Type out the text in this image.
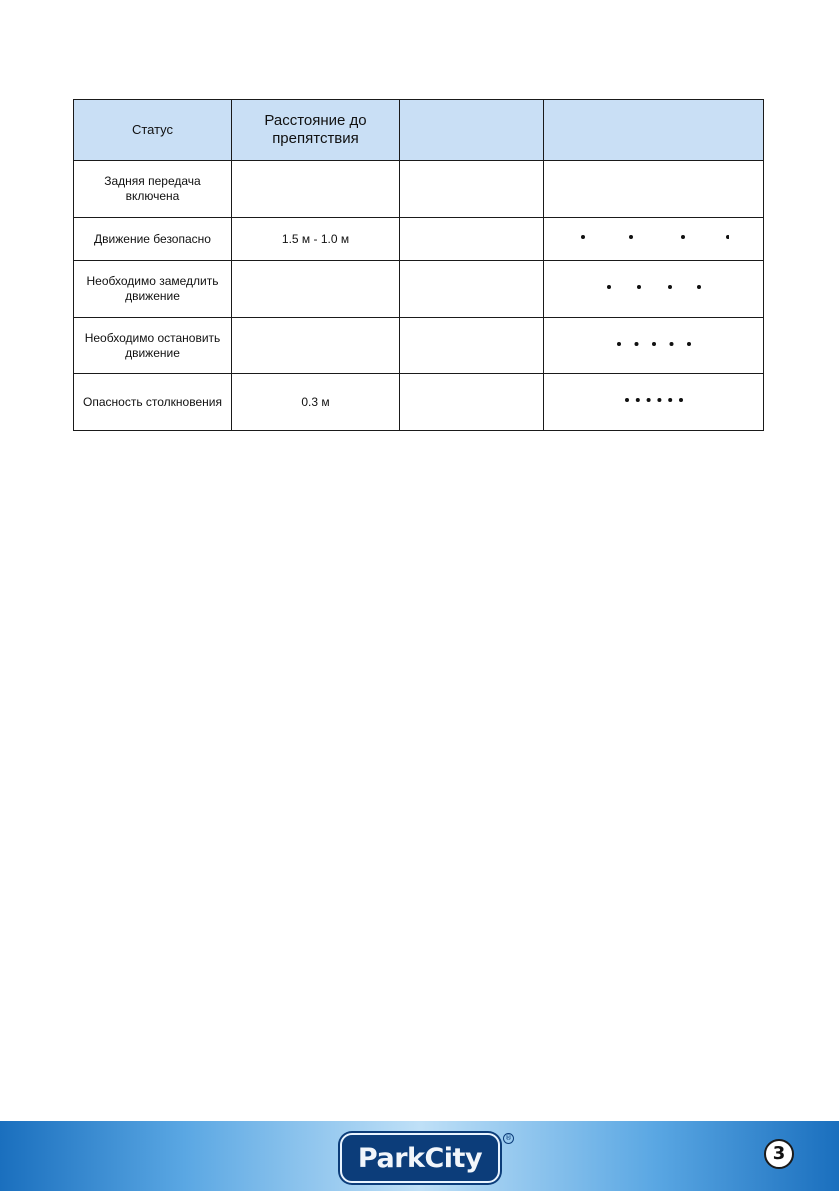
Статус	Расстояние до препятствия		
Задняя передача включена			
Движение безопасно	1.5 м - 1.0 м		
Необходимо замедлить движение			
Необходимо остановить движение			
Опасность столкновения	0.3 м		
ParkCity
®
3
